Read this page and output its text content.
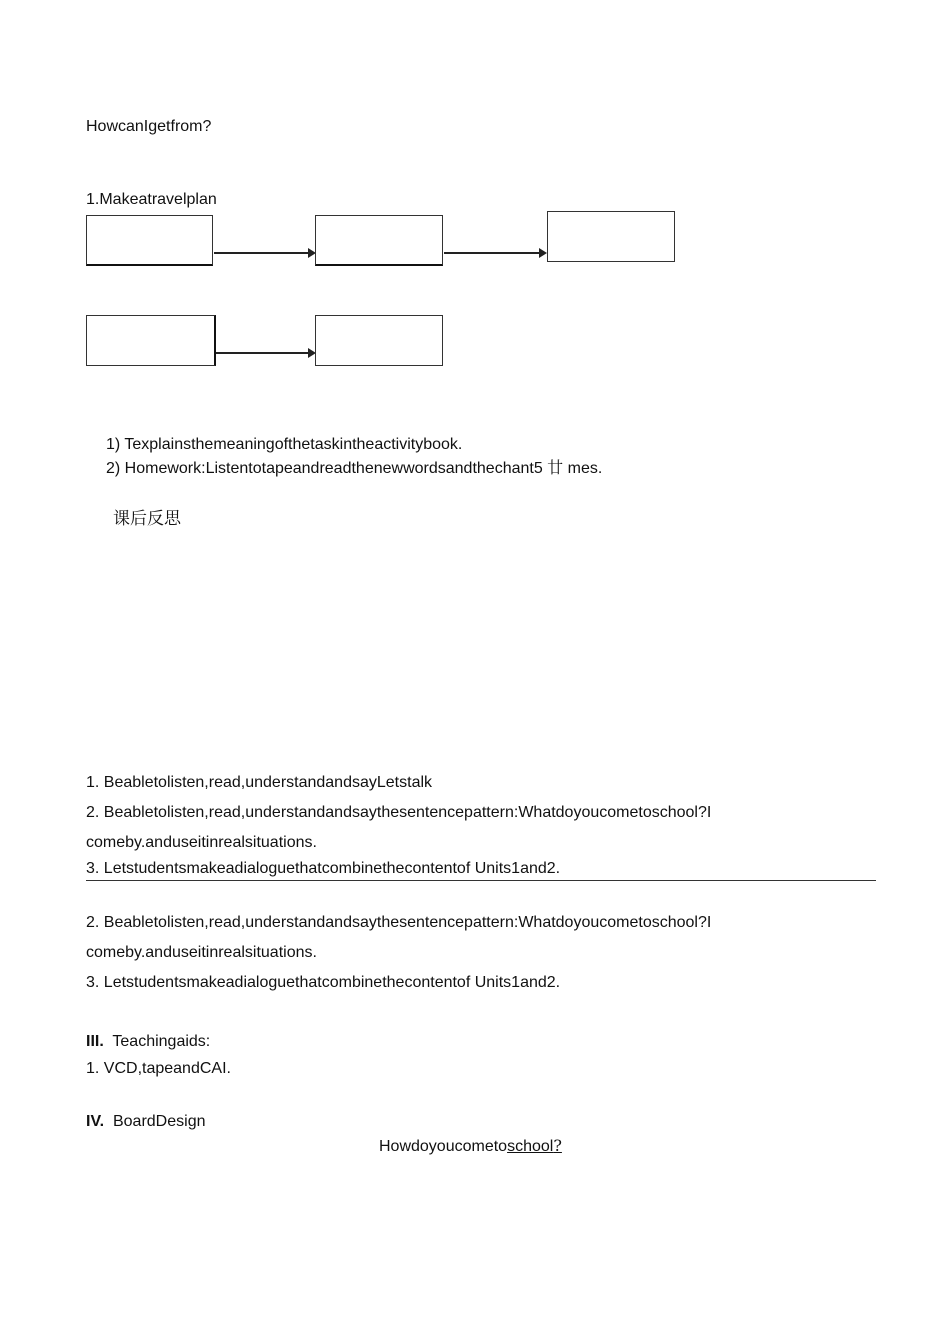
HowcanIgetfrom?
1.Makeatravelplan
1) Texplainsthemeaningofthetaskintheactivitybook.
2) Homework:Listentotapeandreadthenewwordsandthechant5 廿 mes.
课后反思
1. Beabletolisten,read,understandandsayLetstalk
2. Beabletolisten,read,understandandsaythesentencepattern:Whatdoyoucometoschool?I
comeby.anduseitinrealsituations.
3. Letstudentsmakeadialoguethatcombinethecontentof Units1and2.
2. Beabletolisten,read,understandandsaythesentencepattern:Whatdoyoucometoschool?I
comeby.anduseitinrealsituations.
3. Letstudentsmakeadialoguethatcombinethecontentof Units1and2.
III. Teachingaids:
1. VCD,tapeandCAI.
IV. BoardDesign
Howdoyoucometoschool?
